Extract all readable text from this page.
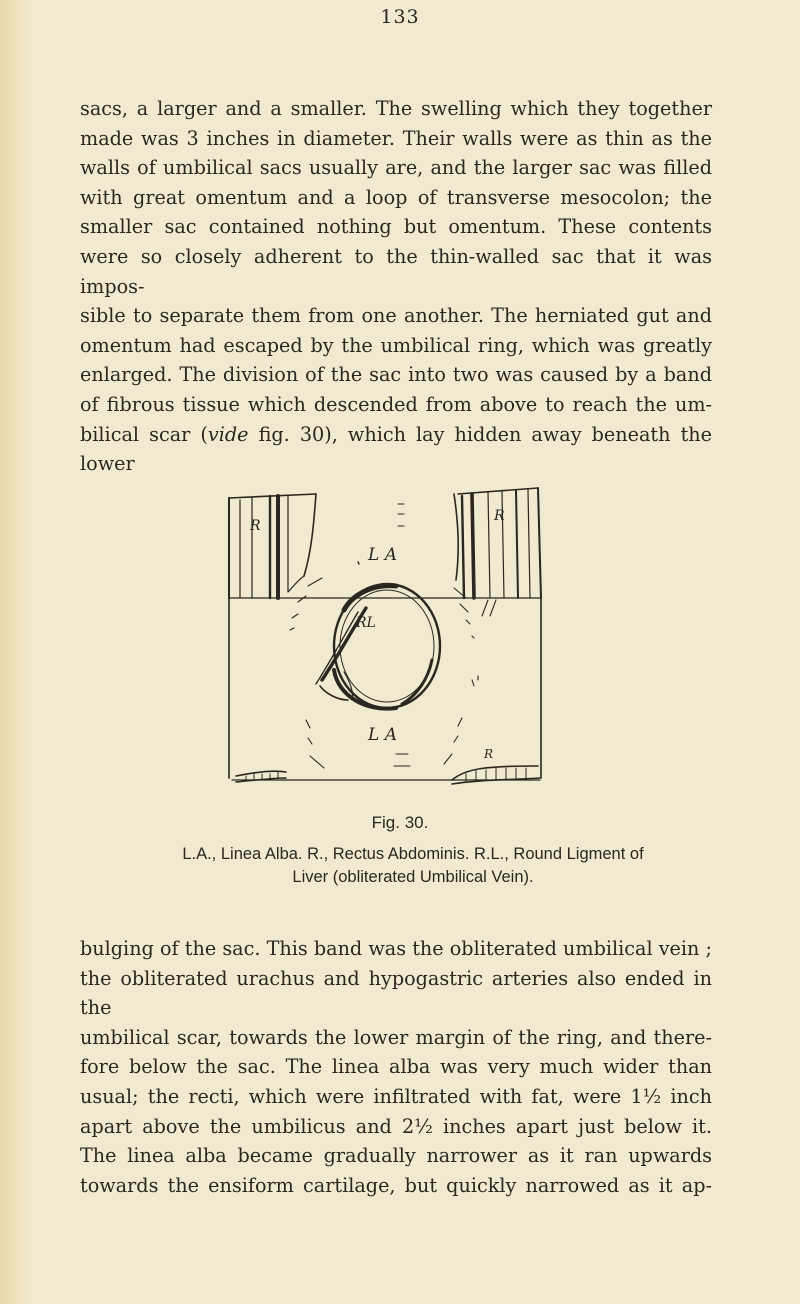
133
sacs, a larger and a smaller. The swelling which they together
made was 3 inches in diameter. Their walls were as thin as the
walls of umbilical sacs usually are, and the larger sac was filled
with great omentum and a loop of transverse mesocolon; the
smaller sac contained nothing but omentum. These contents
were so closely adherent to the thin-walled sac that it was impos-
sible to separate them from one another. The herniated gut and
omentum had escaped by the umbilical ring, which was greatly
enlarged. The division of the sac into two was caused by a band
of fibrous tissue which descended from above to reach the um-
bilical scar (vide fig. 30), which lay hidden away beneath the lower
R
R
L A
RL
L A
R
Fig. 30.
L.A., Linea Alba. R., Rectus Abdominis. R.L., Round Ligment of
Liver (obliterated Umbilical Vein).
bulging of the sac. This band was the obliterated umbilical vein ;
the obliterated urachus and hypogastric arteries also ended in the
umbilical scar, towards the lower margin of the ring, and there-
fore below the sac. The linea alba was very much wider than
usual; the recti, which were infiltrated with fat, were 1½ inch
apart above the umbilicus and 2½ inches apart just below it.
The linea alba became gradually narrower as it ran upwards
towards the ensiform cartilage, but quickly narrowed as it ap-
